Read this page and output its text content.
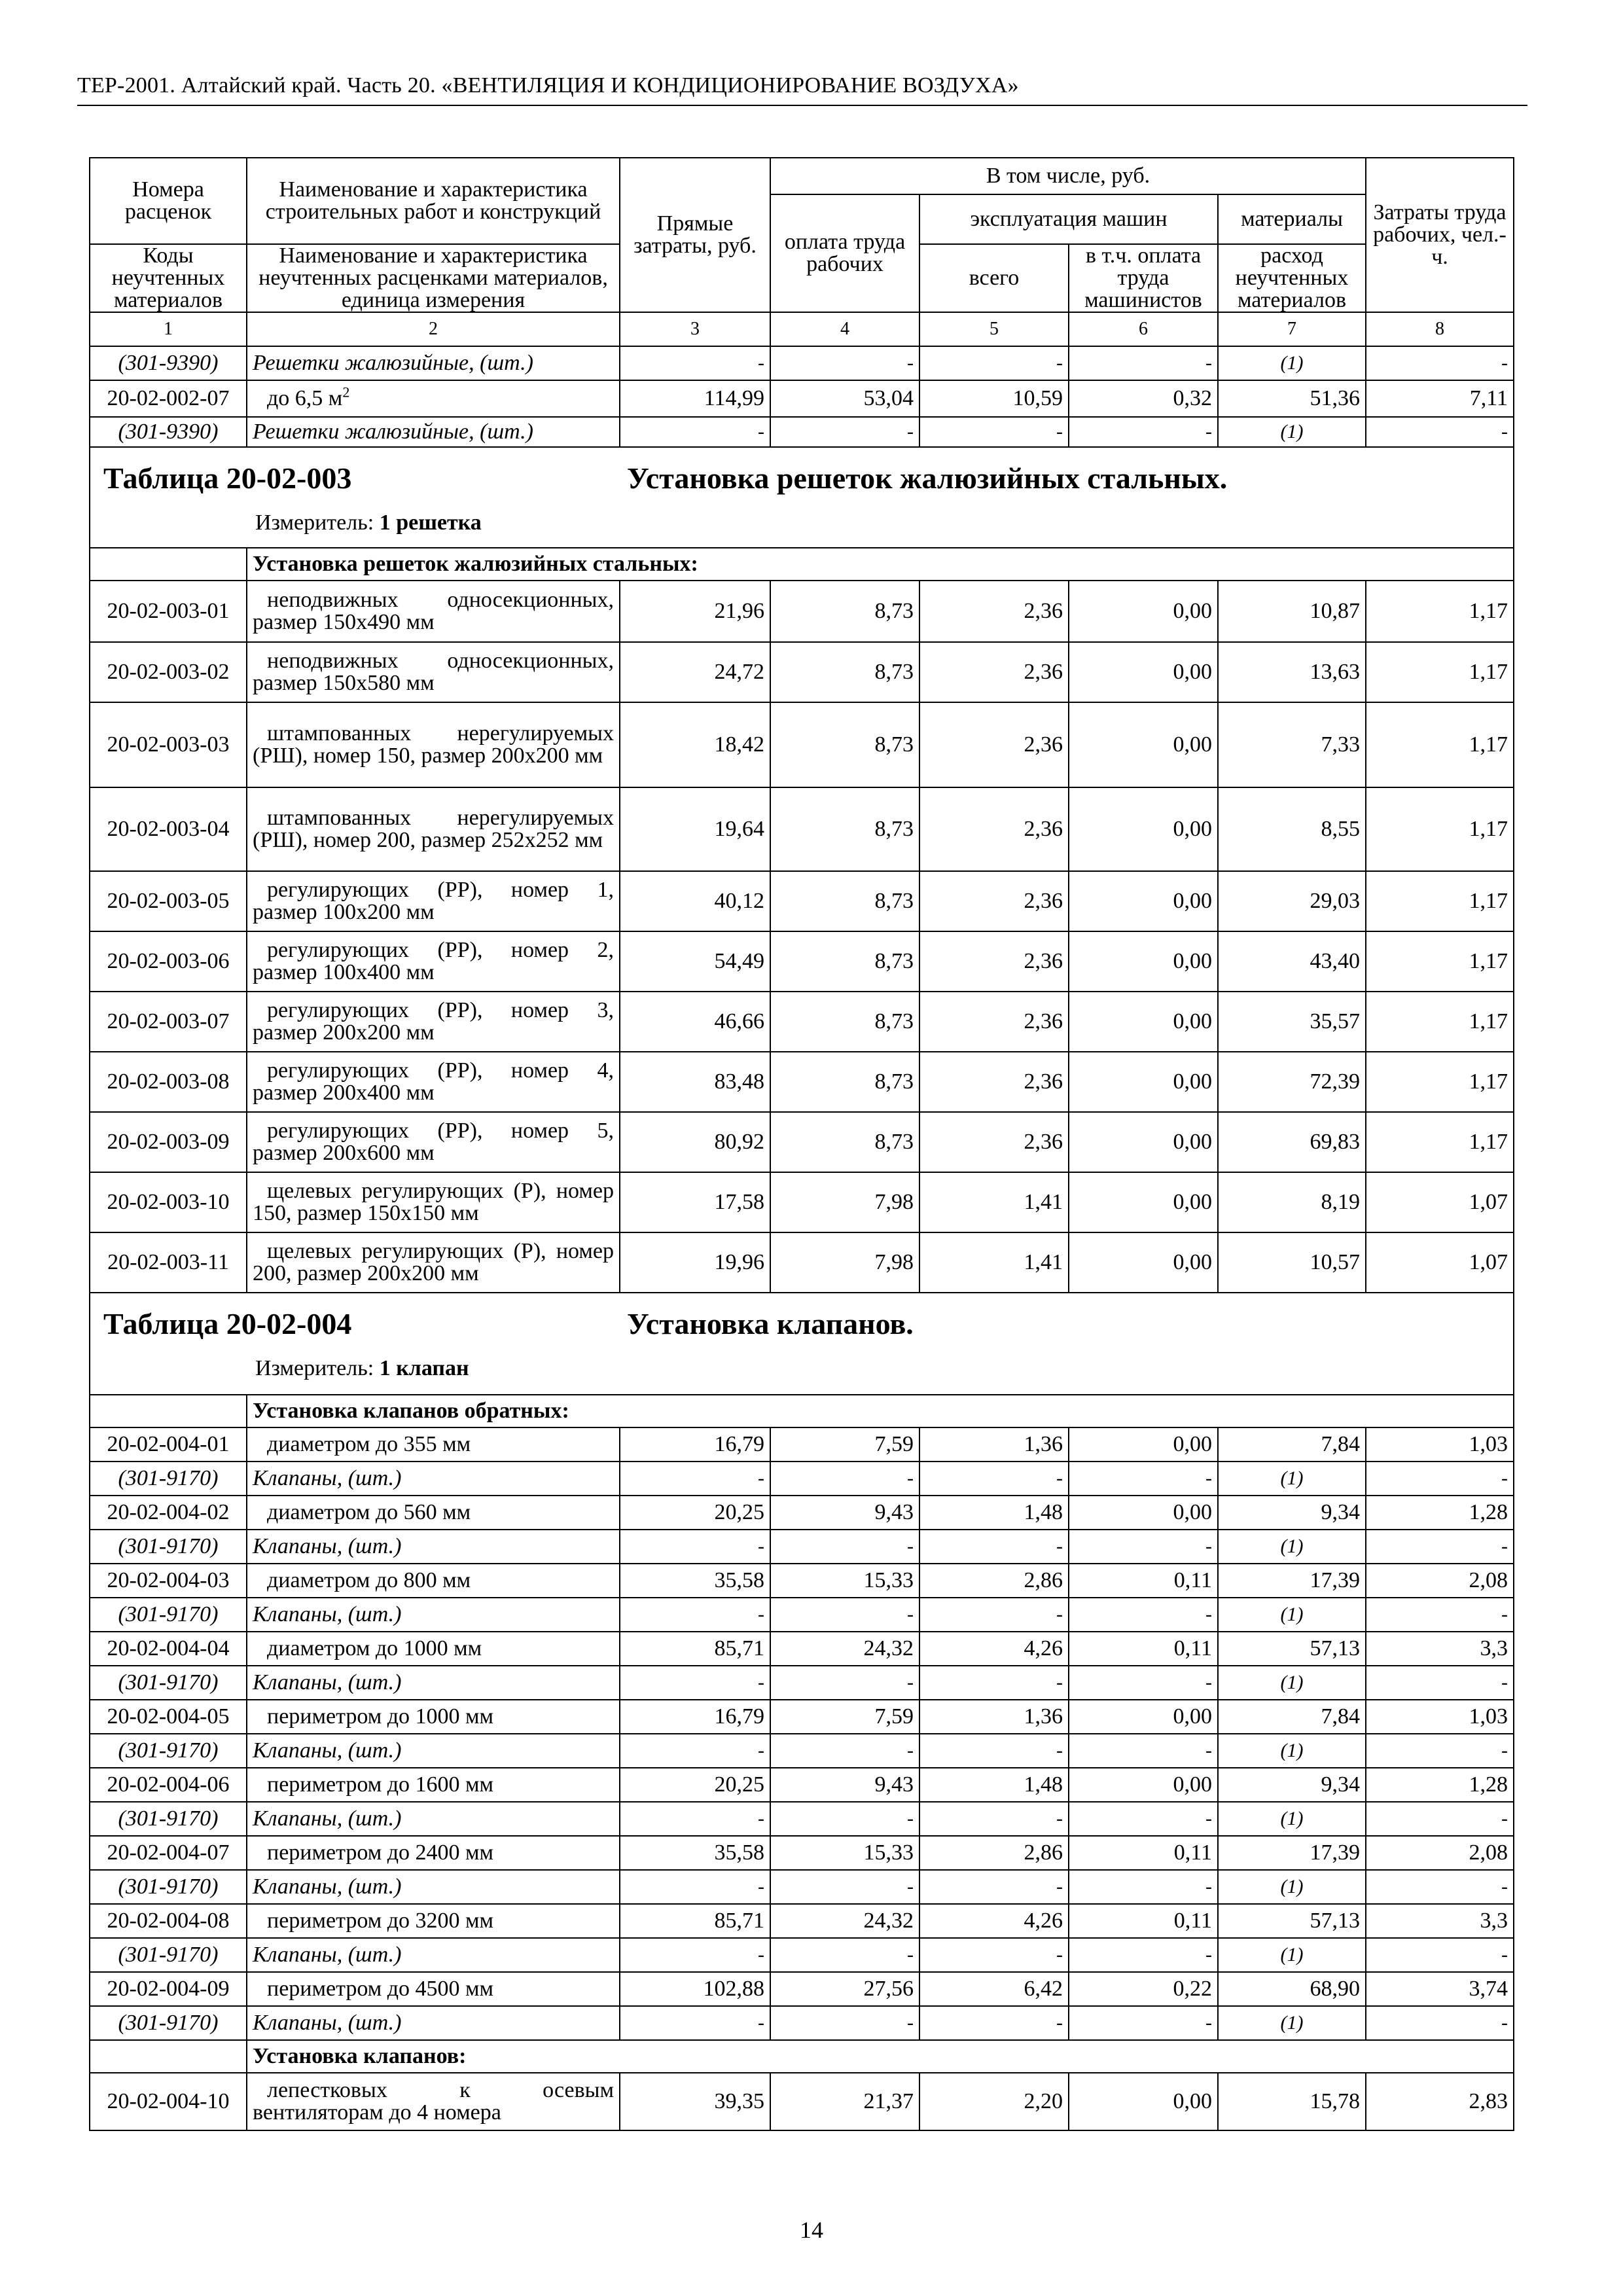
ТЕР-2001. Алтайский край. Часть 20. «ВЕНТИЛЯЦИЯ И КОНДИЦИОНИРОВАНИЕ ВОЗДУХА»
Номера расценок	Наименование и характеристика строительных работ и конструкций	Прямые затраты, руб.	В том числе, руб.				Затраты труда рабочих, чел.-ч.
			оплата труда рабочих	эксплуатация машин		материалы	
Коды неучтенных материалов	Наименование и характеристика неучтенных расценками материалов, единица измерения			всего	в т.ч. оплата труда машинистов	расход неучтенных материалов	
1	2	3	4	5	6	7	8
(301-9390)	Решетки жалюзийные, (шт.)	-	-	-	-	(1)	-
20-02-002-07	до 6,5 $м^2$	114,99	53,04	10,59	0,32	51,36	7,11
(301-9390)	Решетки жалюзийные, (шт.)	-	-	-	-	(1)	-

Таблица 20-02-003 Установка решеток жалюзийных стальных.
Измеритель: 1 решетка							

	Установка решеток жалюзийных стальных:						
20-02-003-01	неподвижных односекционных, размер 150х490 мм	21,96	8,73	2,36	0,00	10,87	1,17
20-02-003-02	неподвижных односекционных, размер 150х580 мм	24,72	8,73	2,36	0,00	13,63	1,17
20-02-003-03	штампованных нерегулируемых (РШ), номер 150, размер 200х200 мм	18,42	8,73	2,36	0,00	7,33	1,17
20-02-003-04	штампованных нерегулируемых (РШ), номер 200, размер 252х252 мм	19,64	8,73	2,36	0,00	8,55	1,17
20-02-003-05	регулирующих (РР), номер 1, размер 100х200 мм	40,12	8,73	2,36	0,00	29,03	1,17
20-02-003-06	регулирующих (РР), номер 2, размер 100х400 мм	54,49	8,73	2,36	0,00	43,40	1,17
20-02-003-07	регулирующих (РР), номер 3, размер 200х200 мм	46,66	8,73	2,36	0,00	35,57	1,17
20-02-003-08	регулирующих (РР), номер 4, размер 200х400 мм	83,48	8,73	2,36	0,00	72,39	1,17
20-02-003-09	регулирующих (РР), номер 5, размер 200х600 мм	80,92	8,73	2,36	0,00	69,83	1,17
20-02-003-10	щелевых регулирующих (Р), номер 150, размер 150х150 мм	17,58	7,98	1,41	0,00	8,19	1,07
20-02-003-11	щелевых регулирующих (Р), номер 200, размер 200х200 мм	19,96	7,98	1,41	0,00	10,57	1,07

Таблица 20-02-004 Установка клапанов.
Измеритель: 1 клапан							

	Установка клапанов обратных:						
20-02-004-01	диаметром до 355 мм	16,79	7,59	1,36	0,00	7,84	1,03
(301-9170)	Клапаны, (шт.)	-	-	-	-	(1)	-
20-02-004-02	диаметром до 560 мм	20,25	9,43	1,48	0,00	9,34	1,28
(301-9170)	Клапаны, (шт.)	-	-	-	-	(1)	-
20-02-004-03	диаметром до 800 мм	35,58	15,33	2,86	0,11	17,39	2,08
(301-9170)	Клапаны, (шт.)	-	-	-	-	(1)	-
20-02-004-04	диаметром до 1000 мм	85,71	24,32	4,26	0,11	57,13	3,3
(301-9170)	Клапаны, (шт.)	-	-	-	-	(1)	-
20-02-004-05	периметром до 1000 мм	16,79	7,59	1,36	0,00	7,84	1,03
(301-9170)	Клапаны, (шт.)	-	-	-	-	(1)	-
20-02-004-06	периметром до 1600 мм	20,25	9,43	1,48	0,00	9,34	1,28
(301-9170)	Клапаны, (шт.)	-	-	-	-	(1)	-
20-02-004-07	периметром до 2400 мм	35,58	15,33	2,86	0,11	17,39	2,08
(301-9170)	Клапаны, (шт.)	-	-	-	-	(1)	-
20-02-004-08	периметром до 3200 мм	85,71	24,32	4,26	0,11	57,13	3,3
(301-9170)	Клапаны, (шт.)	-	-	-	-	(1)	-
20-02-004-09	периметром до 4500 мм	102,88	27,56	6,42	0,22	68,90	3,74
(301-9170)	Клапаны, (шт.)	-	-	-	-	(1)	-
	Установка клапанов:						
20-02-004-10	лепестковых к осевым вентиляторам до 4 номера	39,35	21,37	2,20	0,00	15,78	2,83
14
